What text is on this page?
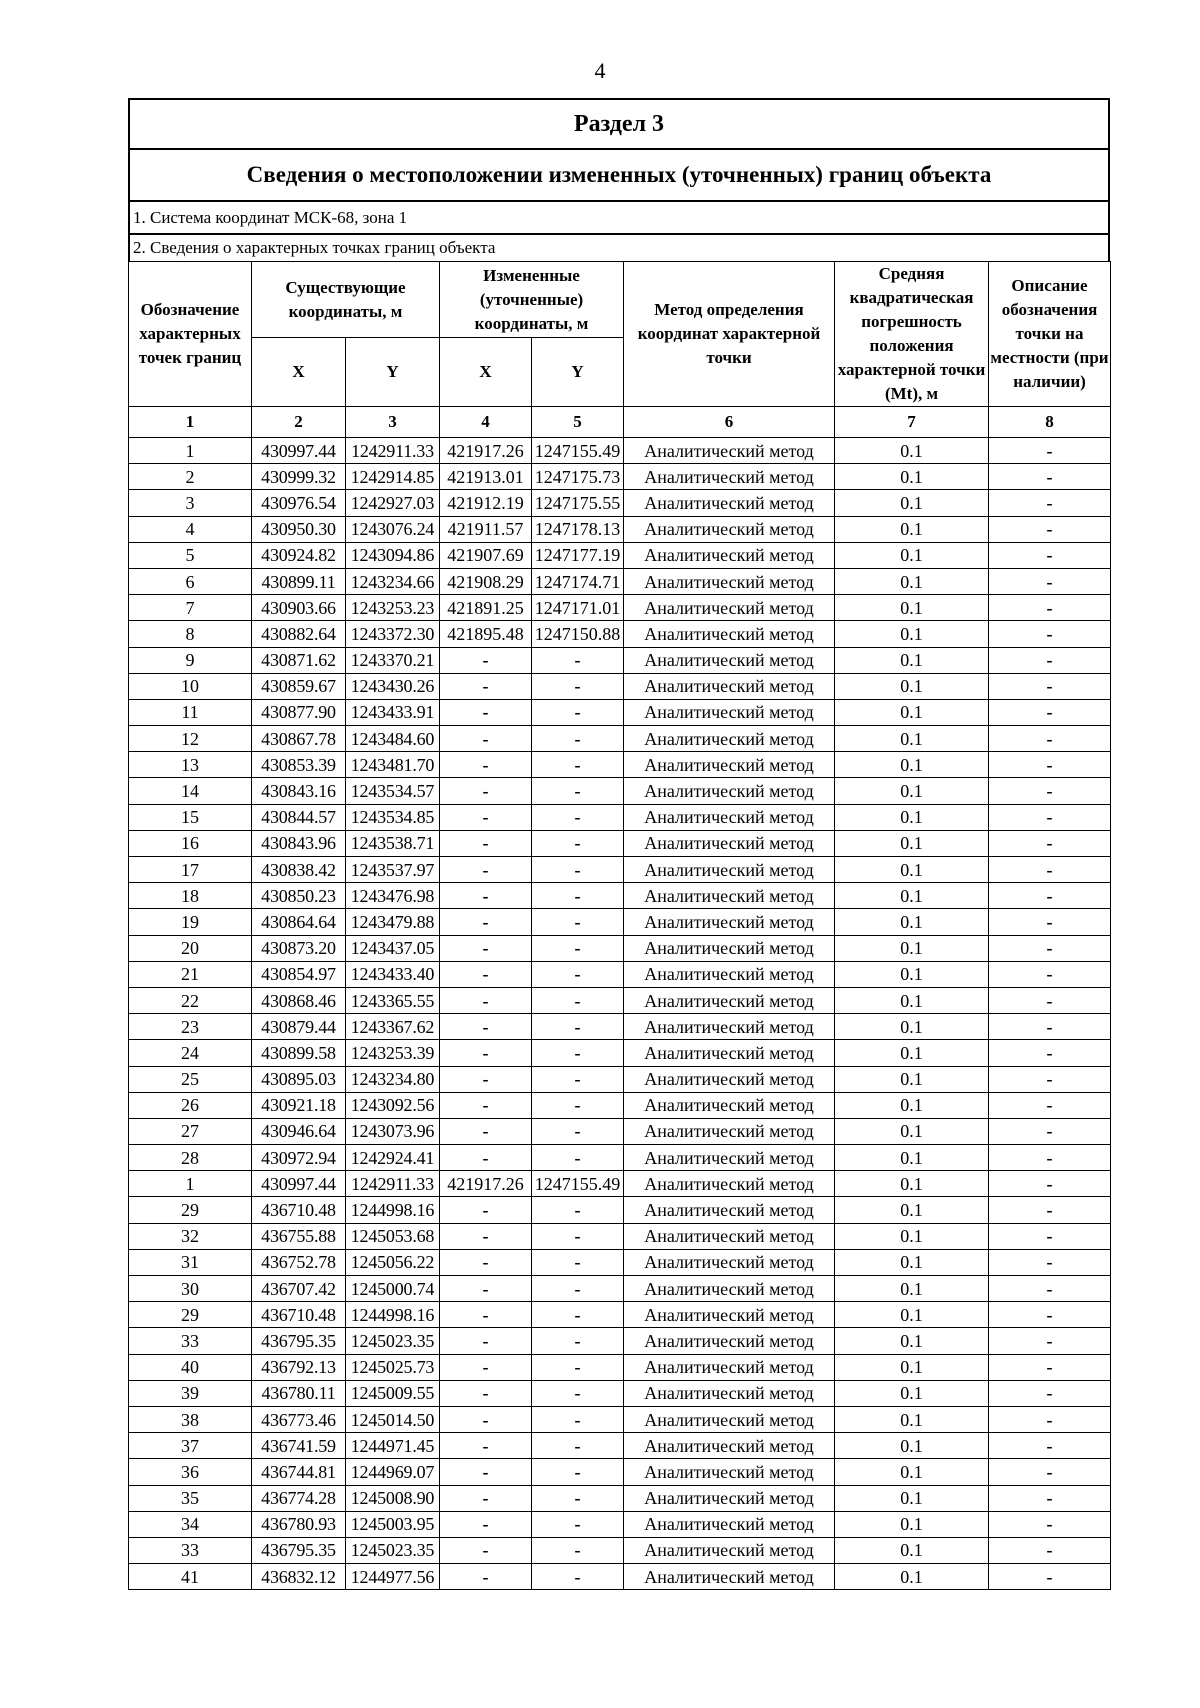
4
Раздел 3
Сведения о местоположении измененных (уточненных) границ объекта
1. Система координат МСК-68, зона 1
2. Сведения о характерных точках границ объекта
Обозначение характерных точек границ	Существующие координаты, м		Измененные (уточненные) координаты, м		Метод определения координат характерной точки	Средняя квадратическая погрешность положения характерной точки (Mt), м	Описание обозначения точки на местности (при наличии)
	X	Y	X	Y			
1	2	3	4	5	6	7	8
1	430997.44	1242911.33	421917.26	1247155.49	Аналитический метод	0.1	-
2	430999.32	1242914.85	421913.01	1247175.73	Аналитический метод	0.1	-
3	430976.54	1242927.03	421912.19	1247175.55	Аналитический метод	0.1	-
4	430950.30	1243076.24	421911.57	1247178.13	Аналитический метод	0.1	-
5	430924.82	1243094.86	421907.69	1247177.19	Аналитический метод	0.1	-
6	430899.11	1243234.66	421908.29	1247174.71	Аналитический метод	0.1	-
7	430903.66	1243253.23	421891.25	1247171.01	Аналитический метод	0.1	-
8	430882.64	1243372.30	421895.48	1247150.88	Аналитический метод	0.1	-
9	430871.62	1243370.21	-	-	Аналитический метод	0.1	-
10	430859.67	1243430.26	-	-	Аналитический метод	0.1	-
11	430877.90	1243433.91	-	-	Аналитический метод	0.1	-
12	430867.78	1243484.60	-	-	Аналитический метод	0.1	-
13	430853.39	1243481.70	-	-	Аналитический метод	0.1	-
14	430843.16	1243534.57	-	-	Аналитический метод	0.1	-
15	430844.57	1243534.85	-	-	Аналитический метод	0.1	-
16	430843.96	1243538.71	-	-	Аналитический метод	0.1	-
17	430838.42	1243537.97	-	-	Аналитический метод	0.1	-
18	430850.23	1243476.98	-	-	Аналитический метод	0.1	-
19	430864.64	1243479.88	-	-	Аналитический метод	0.1	-
20	430873.20	1243437.05	-	-	Аналитический метод	0.1	-
21	430854.97	1243433.40	-	-	Аналитический метод	0.1	-
22	430868.46	1243365.55	-	-	Аналитический метод	0.1	-
23	430879.44	1243367.62	-	-	Аналитический метод	0.1	-
24	430899.58	1243253.39	-	-	Аналитический метод	0.1	-
25	430895.03	1243234.80	-	-	Аналитический метод	0.1	-
26	430921.18	1243092.56	-	-	Аналитический метод	0.1	-
27	430946.64	1243073.96	-	-	Аналитический метод	0.1	-
28	430972.94	1242924.41	-	-	Аналитический метод	0.1	-
1	430997.44	1242911.33	421917.26	1247155.49	Аналитический метод	0.1	-
29	436710.48	1244998.16	-	-	Аналитический метод	0.1	-
32	436755.88	1245053.68	-	-	Аналитический метод	0.1	-
31	436752.78	1245056.22	-	-	Аналитический метод	0.1	-
30	436707.42	1245000.74	-	-	Аналитический метод	0.1	-
29	436710.48	1244998.16	-	-	Аналитический метод	0.1	-
33	436795.35	1245023.35	-	-	Аналитический метод	0.1	-
40	436792.13	1245025.73	-	-	Аналитический метод	0.1	-
39	436780.11	1245009.55	-	-	Аналитический метод	0.1	-
38	436773.46	1245014.50	-	-	Аналитический метод	0.1	-
37	436741.59	1244971.45	-	-	Аналитический метод	0.1	-
36	436744.81	1244969.07	-	-	Аналитический метод	0.1	-
35	436774.28	1245008.90	-	-	Аналитический метод	0.1	-
34	436780.93	1245003.95	-	-	Аналитический метод	0.1	-
33	436795.35	1245023.35	-	-	Аналитический метод	0.1	-
41	436832.12	1244977.56	-	-	Аналитический метод	0.1	-
